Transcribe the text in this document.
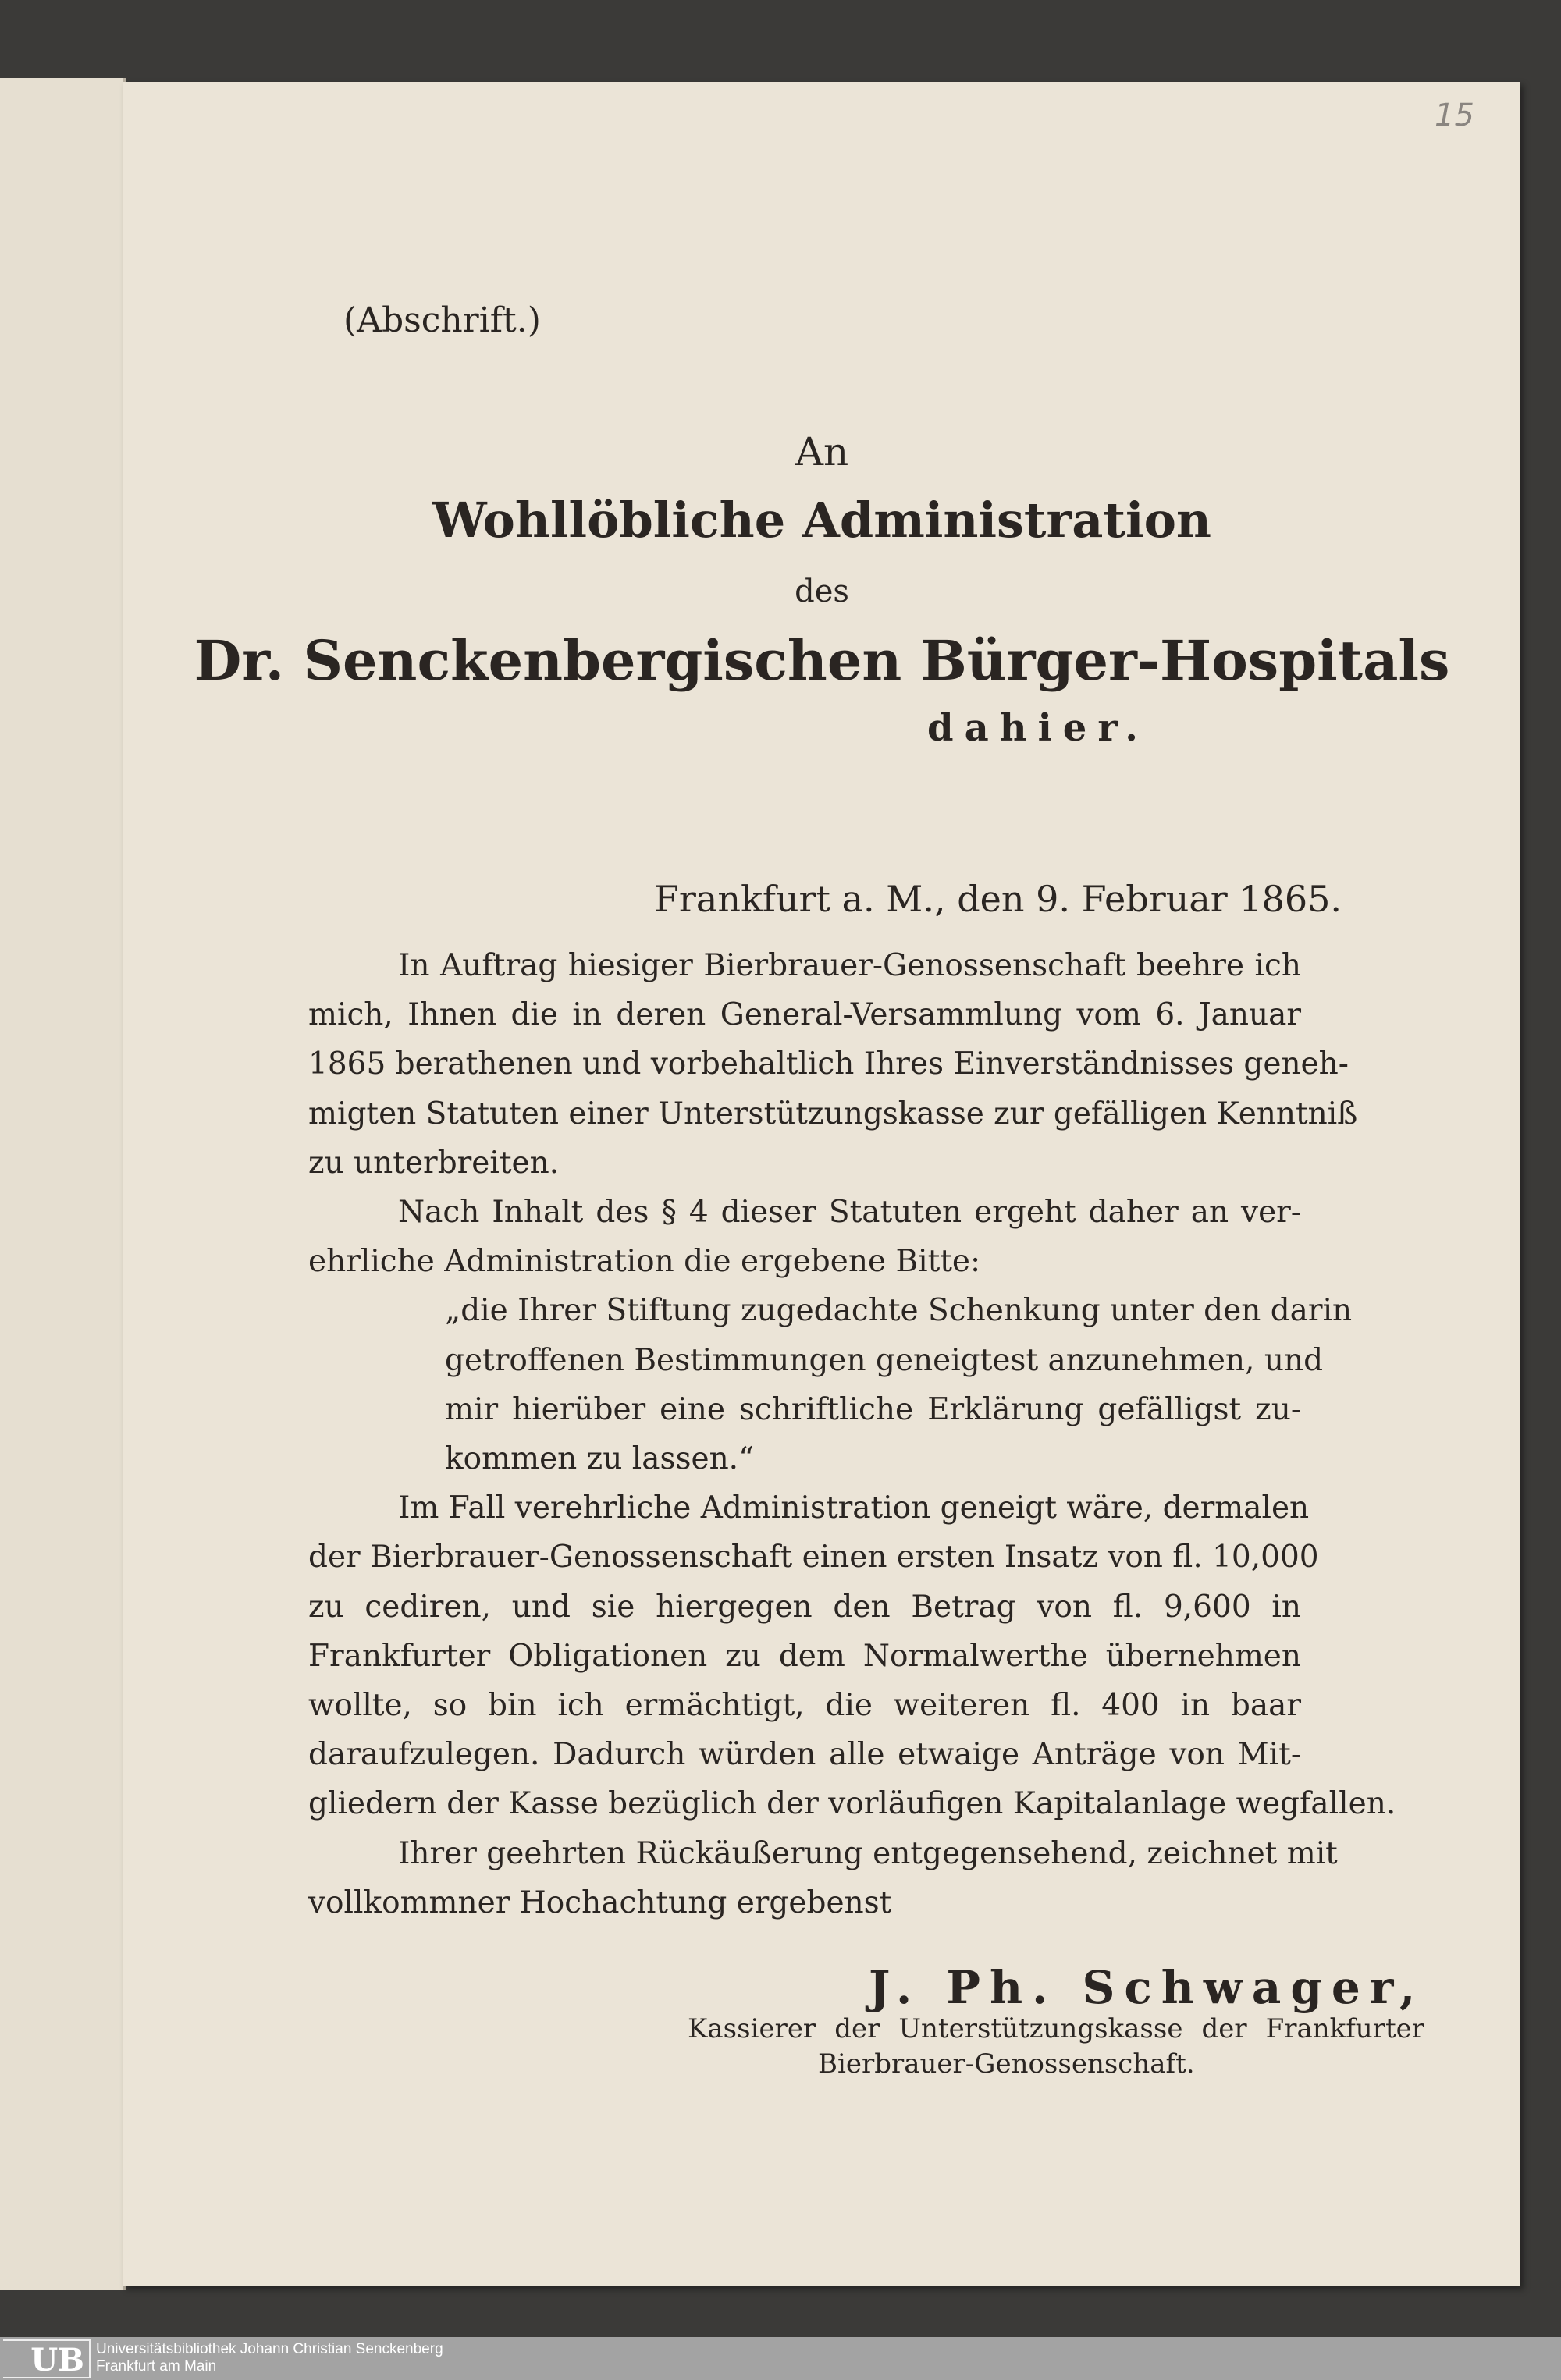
15
(Abschrift.)
An
Wohllöbliche Administration
des
Dr. Senckenbergischen Bürger-Hospitals
dahier.
Frankfurt a. M., den 9. Februar 1865.
In Auftrag hiesiger Bierbrauer-Genossenschaft beehre ich
mich, Ihnen die in deren General-Versammlung vom 6. Januar
1865 berathenen und vorbehaltlich Ihres Einverständnisses geneh-
migten Statuten einer Unterstützungskasse zur gefälligen Kenntniß
zu unterbreiten.
Nach Inhalt des § 4 dieser Statuten ergeht daher an ver-
ehrliche Administration die ergebene Bitte:
„die Ihrer Stiftung zugedachte Schenkung unter den darin
getroffenen Bestimmungen geneigtest anzunehmen, und
mir hierüber eine schriftliche Erklärung gefälligst zu-
kommen zu lassen.“
Im Fall verehrliche Administration geneigt wäre, dermalen
der Bierbrauer-Genossenschaft einen ersten Insatz von fl. 10,000
zu cediren, und sie hiergegen den Betrag von fl. 9,600 in
Frankfurter Obligationen zu dem Normalwerthe übernehmen
wollte, so bin ich ermächtigt, die weiteren fl. 400 in baar
daraufzulegen. Dadurch würden alle etwaige Anträge von Mit-
gliedern der Kasse bezüglich der vorläufigen Kapitalanlage wegfallen.
Ihrer geehrten Rückäußerung entgegensehend, zeichnet mit
vollkommner Hochachtung ergebenst
J. Ph. Schwager,
Kassierer der Unterstützungskasse der Frankfurter
Bierbrauer-Genossenschaft.
UB Universitätsbibliothek Johann Christian Senckenberg
Frankfurt am Main
